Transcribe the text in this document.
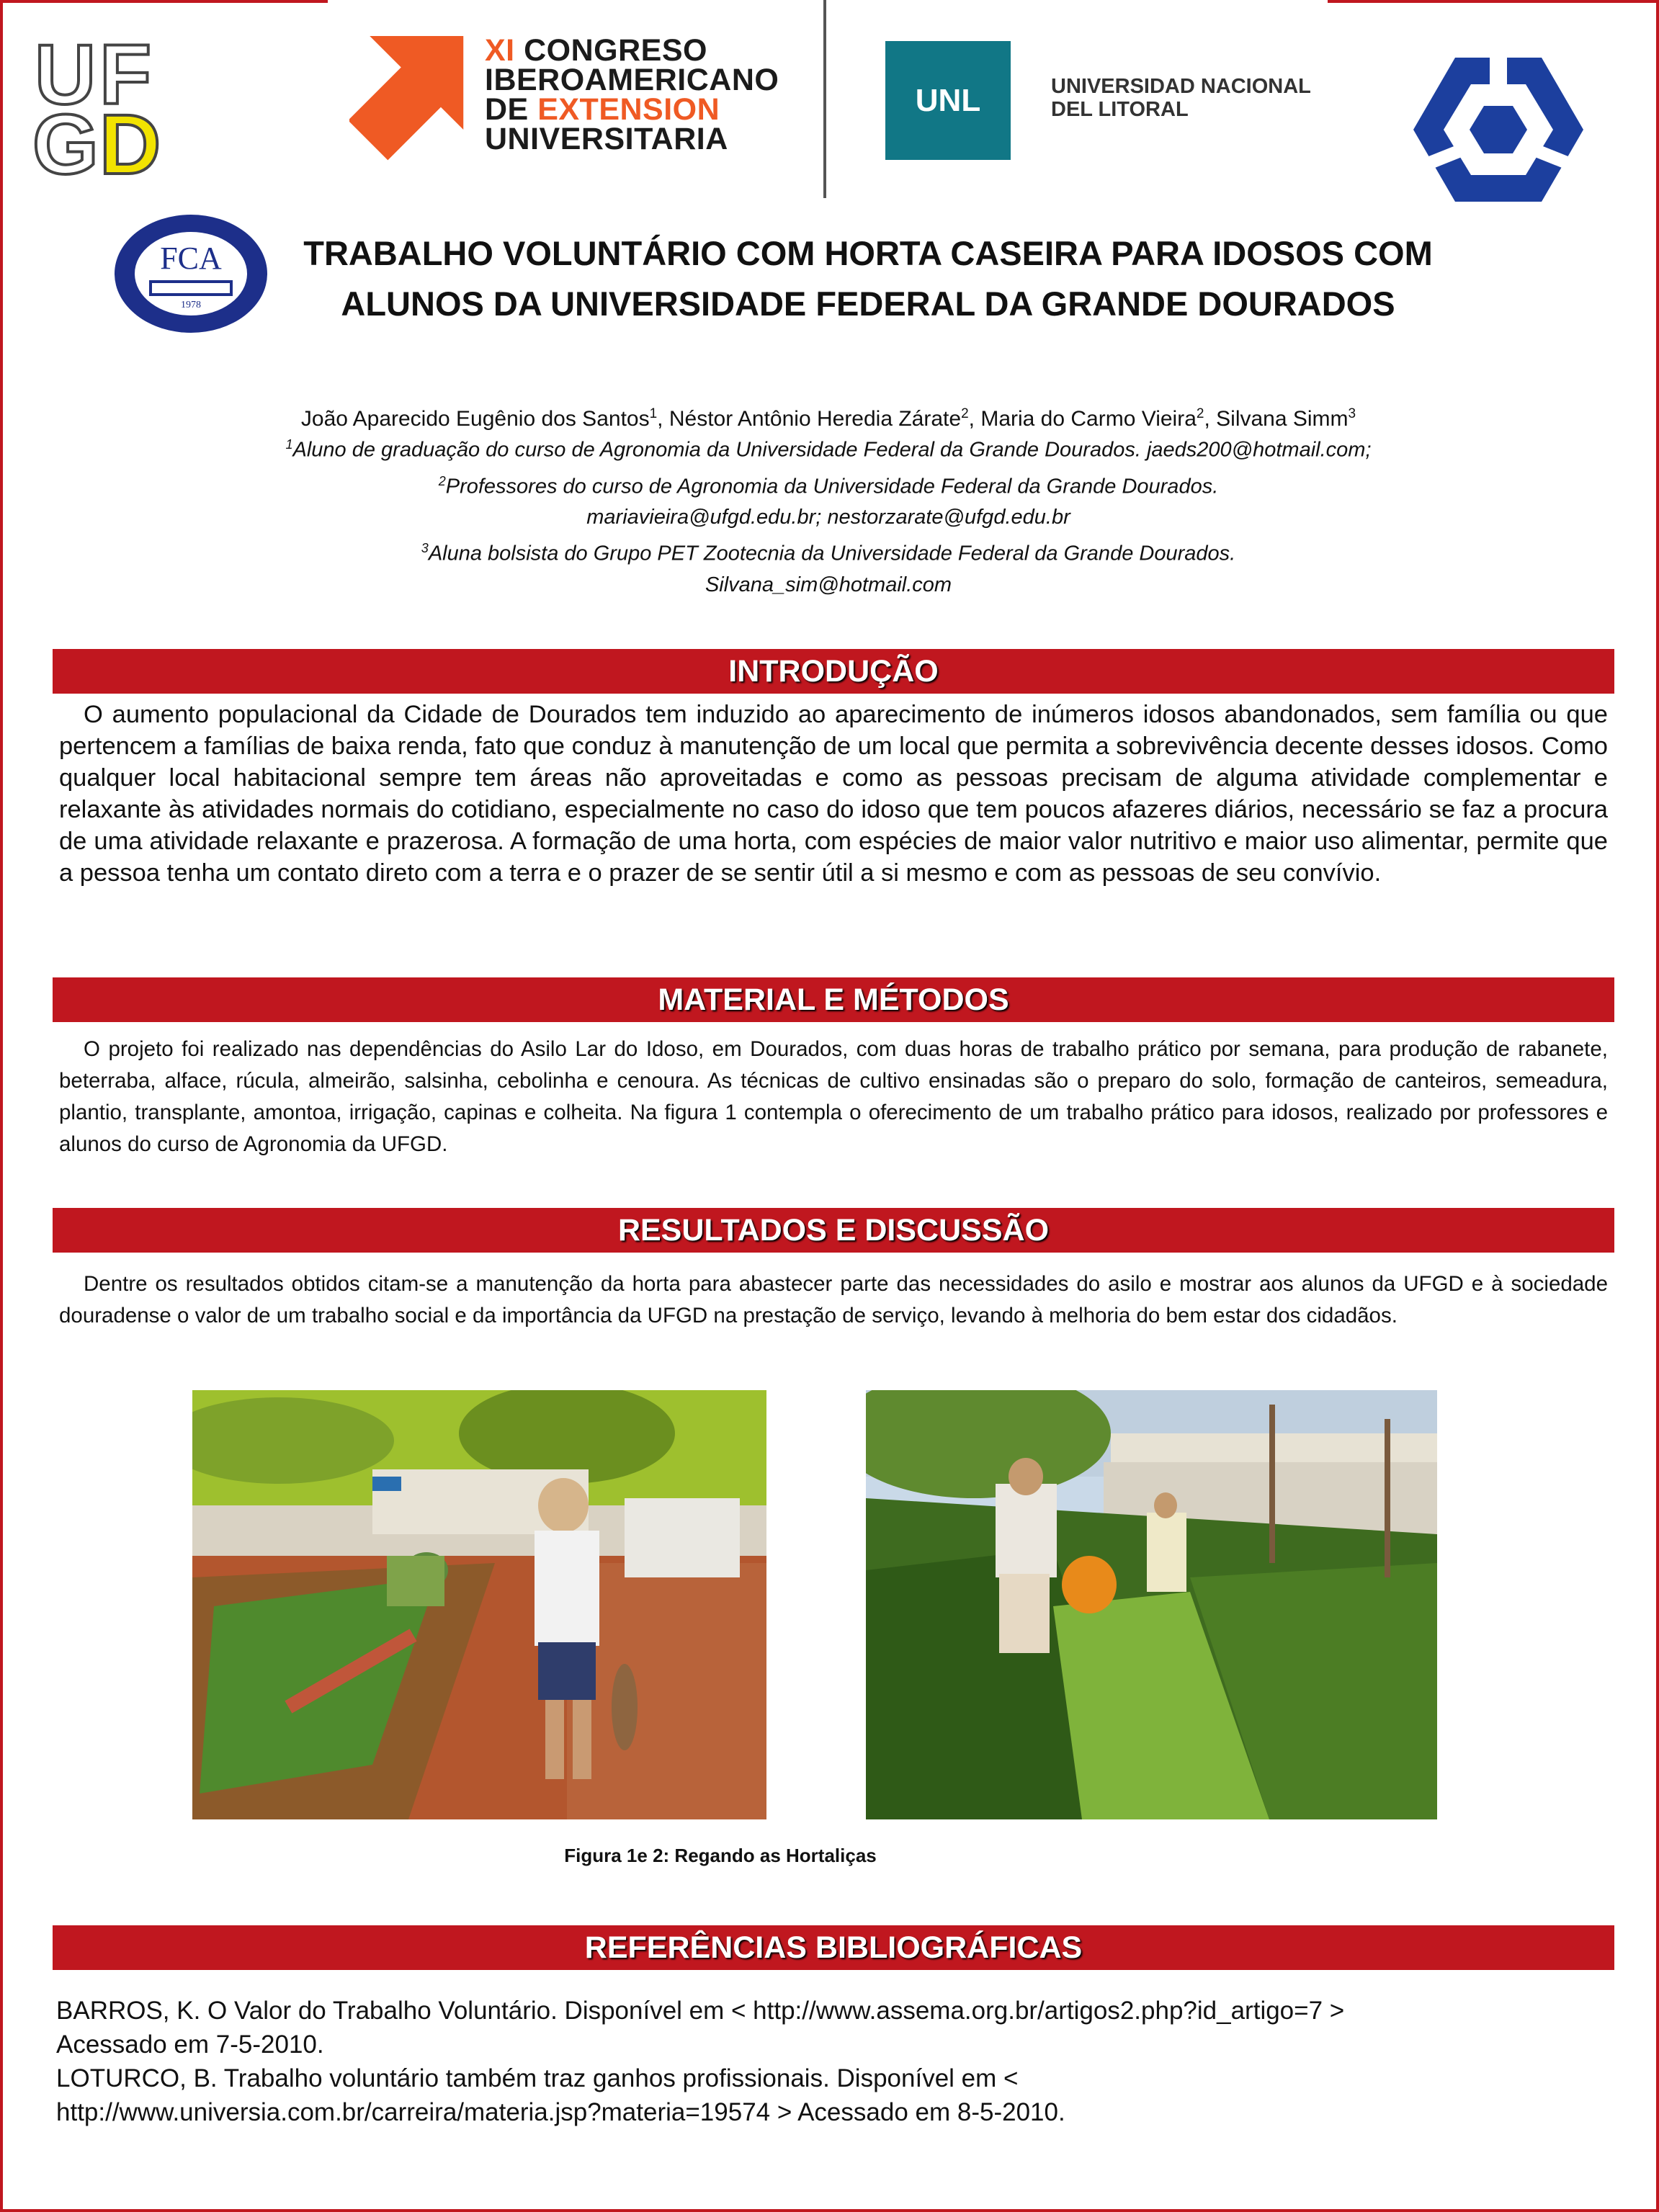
U F
G D
XI CONGRESO
IBEROAMERICANO
DE EXTENSION
UNIVERSITARIA
UNL	UNIVERSIDAD NACIONAL
DEL LITORAL
FCA
1978
TRABALHO VOLUNTÁRIO COM HORTA CASEIRA PARA IDOSOS COM
ALUNOS DA UNIVERSIDADE FEDERAL DA GRANDE DOURADOS
João Aparecido Eugênio dos Santos$^1$, Néstor Antônio Heredia Zárate$^2$, Maria do Carmo Vieira$^2$, Silvana Simm$^3$
$^1$Aluno de graduação do curso de Agronomia da Universidade Federal da Grande Dourados. jaeds200@hotmail.com;
$^2$Professores do curso de Agronomia da Universidade Federal da Grande Dourados.
mariavieira@ufgd.edu.br; nestorzarate@ufgd.edu.br
$^3$Aluna bolsista do Grupo PET Zootecnia da Universidade Federal da Grande Dourados.
Silvana_sim@hotmail.com
INTRODUÇÃO
O aumento populacional da Cidade de Dourados tem induzido ao aparecimento de inúmeros idosos abandonados, sem família ou que pertencem a famílias de baixa renda, fato que conduz à manutenção de um local que permita a sobrevivência decente desses idosos. Como qualquer local habitacional sempre tem áreas não aproveitadas e como as pessoas precisam de alguma atividade complementar e relaxante às atividades normais do cotidiano, especialmente no caso do idoso que tem poucos afazeres diários, necessário se faz a procura de uma atividade relaxante e prazerosa. A formação de uma horta, com espécies de maior valor nutritivo e maior uso alimentar, permite que a pessoa tenha um contato direto com a terra e o prazer de se sentir útil a si mesmo e com as pessoas de seu convívio.
MATERIAL E MÉTODOS
O projeto foi realizado nas dependências do Asilo Lar do Idoso, em Dourados, com duas horas de trabalho prático por semana, para produção de rabanete, beterraba, alface, rúcula, almeirão, salsinha, cebolinha e cenoura. As técnicas de cultivo ensinadas são o preparo do solo, formação de canteiros, semeadura, plantio, transplante, amontoa, irrigação, capinas e colheita. Na figura 1 contempla o oferecimento de um trabalho prático para idosos, realizado por professores e alunos do curso de Agronomia da UFGD.
RESULTADOS E DISCUSSÃO
Dentre os resultados obtidos citam-se a manutenção da horta para abastecer parte das necessidades do asilo e mostrar aos alunos da UFGD e à sociedade douradense o valor de um trabalho social e da importância da UFGD na prestação de serviço, levando à melhoria do bem estar dos cidadãos.
Figura 1e 2: Regando as Hortaliças
REFERÊNCIAS BIBLIOGRÁFICAS
BARROS, K. O Valor do Trabalho Voluntário. Disponível em < http://www.assema.org.br/artigos2.php?id_artigo=7 >
Acessado em 7-5-2010.
LOTURCO, B. Trabalho voluntário também traz ganhos profissionais. Disponível em <
http://www.universia.com.br/carreira/materia.jsp?materia=19574 > Acessado em 8-5-2010.
